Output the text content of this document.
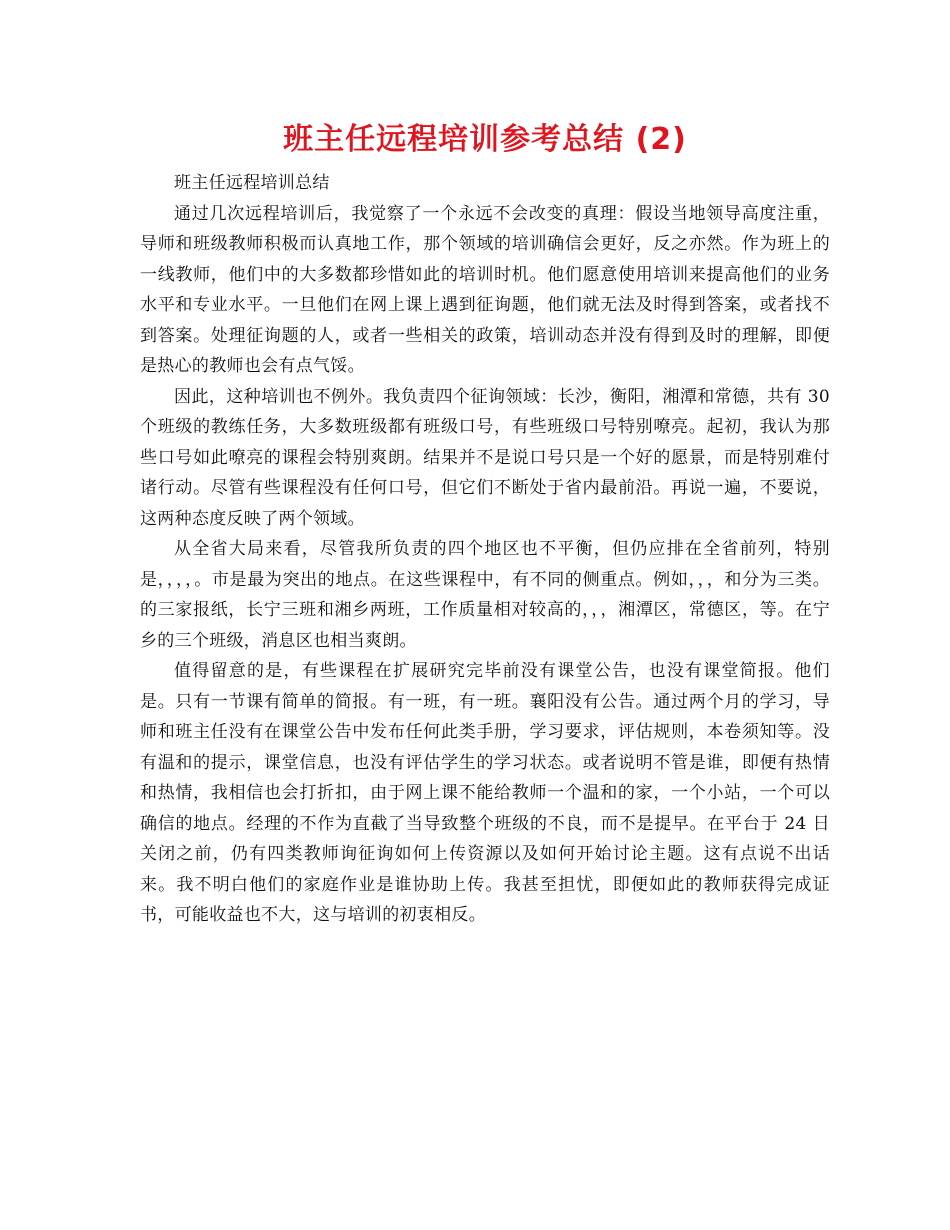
班主任远程培训参考总结 (2)

班主任远程培训总结

通过几次远程培训后，我觉察了一个永远不会改变的真理：假设当地领导高度注重，导师和班级教师积极而认真地工作，那个领域的培训确信会更好，反之亦然。作为班上的一线教师，他们中的大多数都珍惜如此的培训时机。他们愿意使用培训来提高他们的业务水平和专业水平。一旦他们在网上课上遇到征询题，他们就无法及时得到答案，或者找不到答案。处理征询题的人，或者一些相关的政策，培训动态并没有得到及时的理解，即便是热心的教师也会有点气馁。

因此，这种培训也不例外。我负责四个征询领域：长沙，衡阳，湘潭和常德，共有 30 个班级的教练任务，大多数班级都有班级口号，有些班级口号特别嘹亮。起初，我认为那些口号如此嘹亮的课程会特别爽朗。结果并不是说口号只是一个好的愿景，而是特别难付诸行动。尽管有些课程没有任何口号，但它们不断处于省内最前沿。再说一遍，不要说，这两种态度反映了两个领域。

从全省大局来看，尽管我所负责的四个地区也不平衡，但仍应排在全省前列，特别是，，，，。市是最为突出的地点。在这些课程中，有不同的侧重点。例如，，，和分为三类。的三家报纸，长宁三班和湘乡两班，工作质量相对较高的，，，湘潭区，常德区，等。在宁乡的三个班级，消息区也相当爽朗。

值得留意的是，有些课程在扩展研究完毕前没有课堂公告，也没有课堂简报。他们是。只有一节课有简单的简报。有一班，有一班。襄阳没有公告。通过两个月的学习，导师和班主任没有在课堂公告中发布任何此类手册，学习要求，评估规则，本卷须知等。没有温和的提示，课堂信息，也没有评估学生的学习状态。或者说明不管是谁，即便有热情和热情，我相信也会打折扣，由于网上课不能给教师一个温和的家，一个小站，一个可以确信的地点。经理的不作为直截了当导致整个班级的不良，而不是提早。在平台于 24 日关闭之前，仍有四类教师询征询如何上传资源以及如何开始讨论主题。这有点说不出话来。我不明白他们的家庭作业是谁协助上传。我甚至担忧，即便如此的教师获得完成证书，可能收益也不大，这与培训的初衷相反。
